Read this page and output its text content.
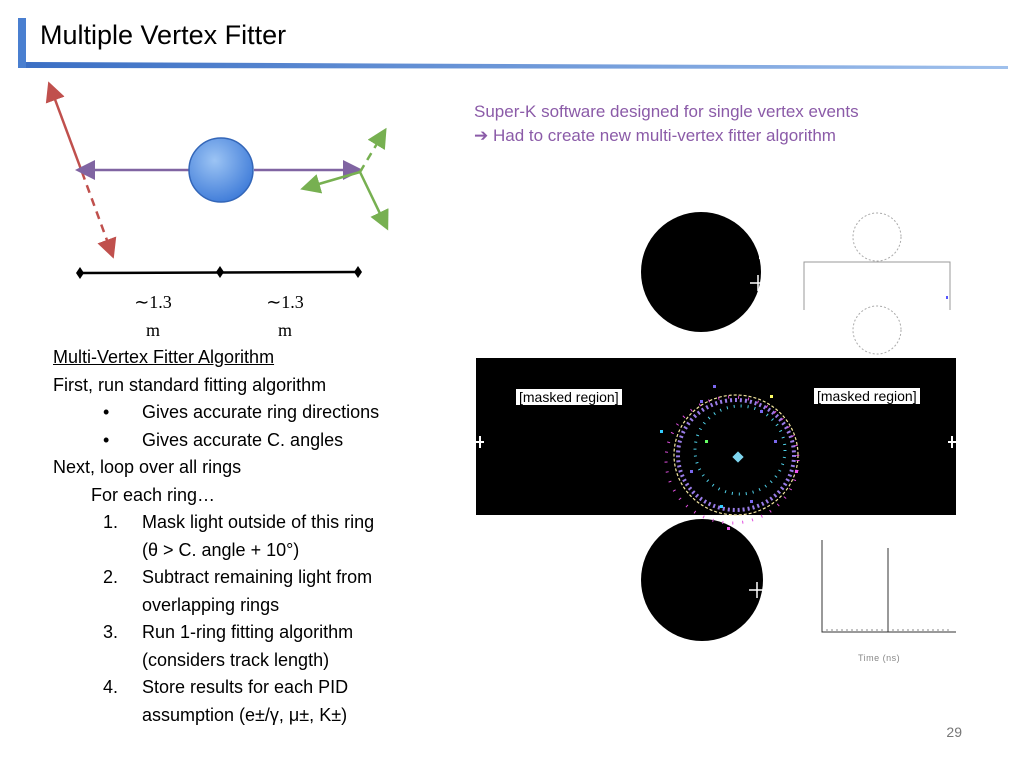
Multiple Vertex Fitter
∼1.3
m
∼1.3
m
Super-K software designed for single vertex events
➔ Had to create new multi-vertex fitter algorithm
Multi-Vertex Fitter Algorithm
First, run standard fitting algorithm
• Gives accurate ring directions

• Gives accurate C. angles

Next, loop over all rings
For each ring…
1. Mask light outside of this ring

(θ > C. angle + 10°)

2. Subtract remaining light from

overlapping rings

3. Run 1-ring fitting algorithm

(considers track length)

4. Store results for each PID

assumption (e±/γ, μ±, K±)

[masked region]	[masked region]
Time (ns)
29
